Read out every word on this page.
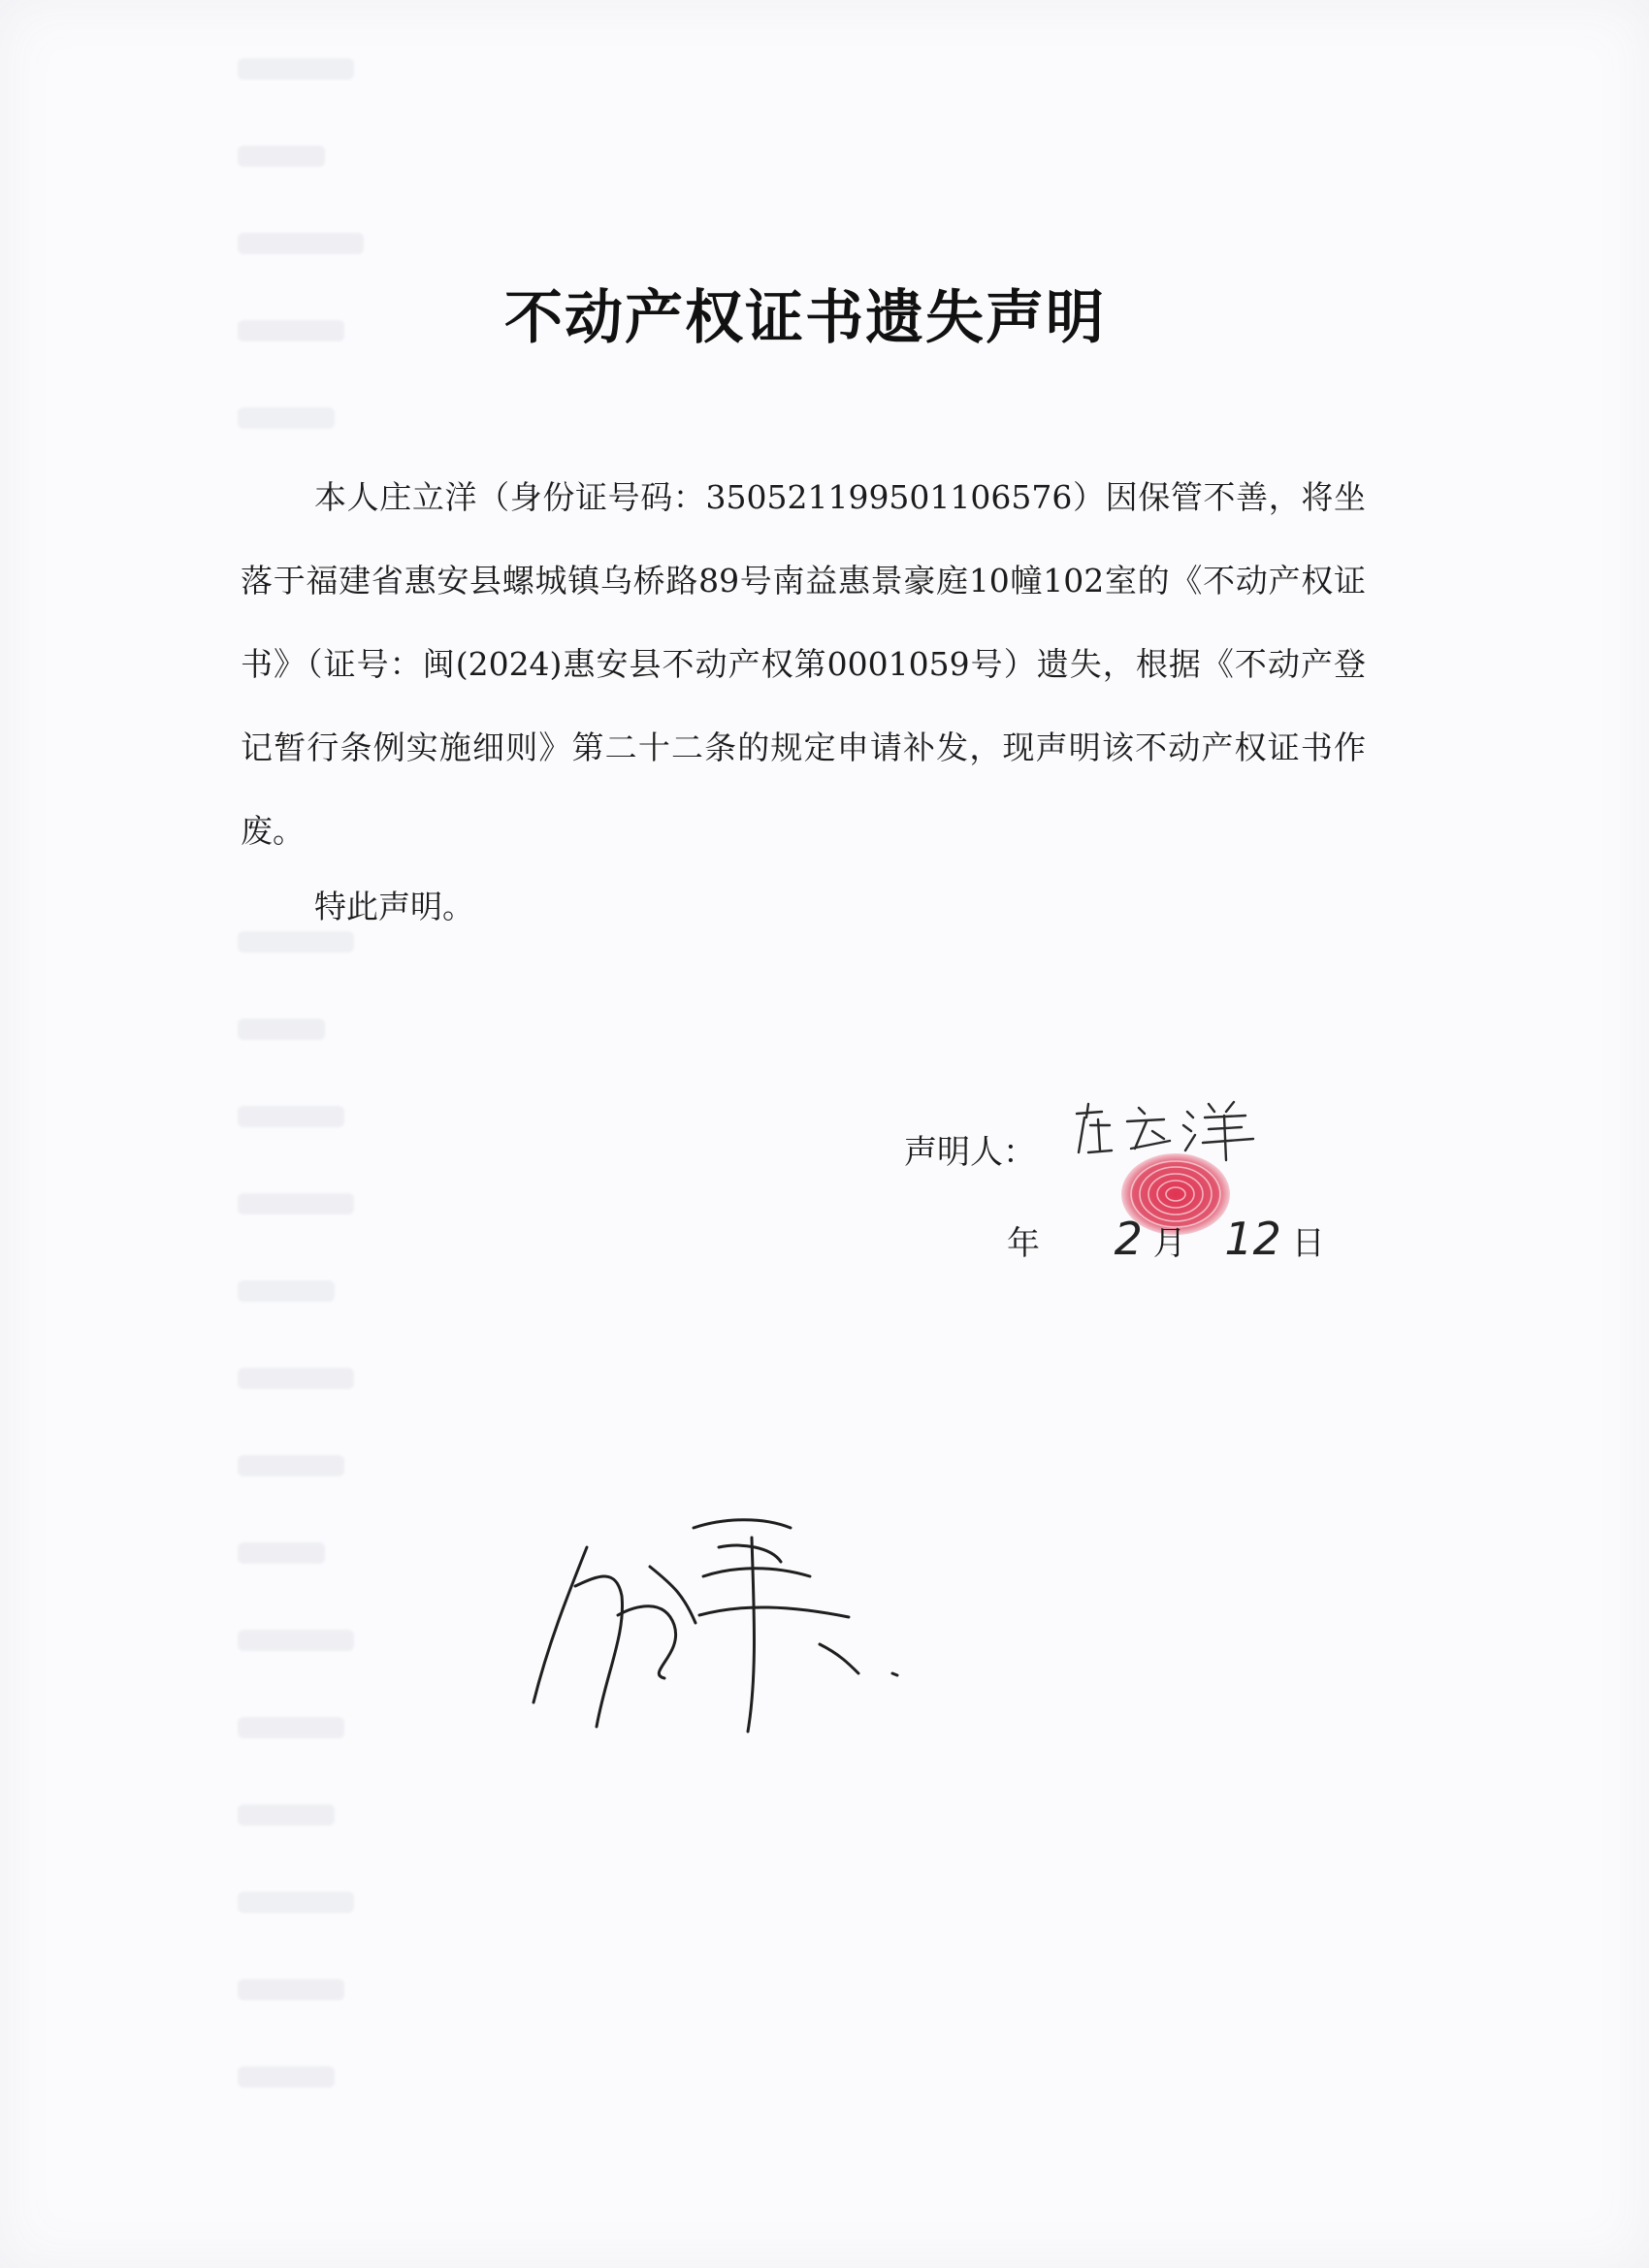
不动产权证书遗失声明

本人庄立洋（身份证号码：350521199501106576）因保管不善，将坐落于福建省惠安县螺城镇乌桥路89号南益惠景豪庭10幢102室的《不动产权证书》（证号：闽(2024)惠安县不动产权第0001059号）遗失，根据《不动产登记暂行条例实施细则》第二十二条的规定申请补发，现声明该不动产权证书作废。

特此声明。

声明人：
年 2 月 12 日
